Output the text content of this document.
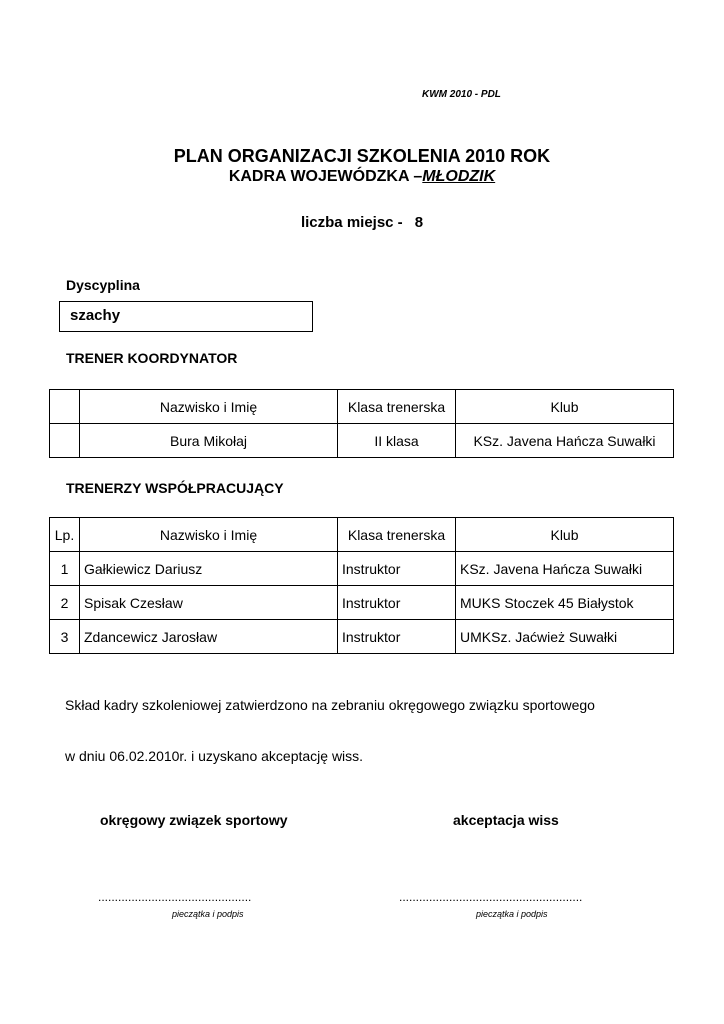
KWM 2010 - PDL
PLAN ORGANIZACJI SZKOLENIA 2010 ROK
KADRA WOJEWÓDZKA –MŁODZIK
liczba miejsc - 8
Dyscyplina
szachy
TRENER KOORDYNATOR
	Nazwisko i Imię	Klasa trenerska	Klub
	Bura Mikołaj	II klasa	KSz. Javena Hańcza Suwałki
TRENERZY WSPÓŁPRACUJĄCY
Lp.	Nazwisko i Imię	Klasa trenerska	Klub
1	Gałkiewicz Dariusz	Instruktor	KSz. Javena Hańcza Suwałki
2	Spisak Czesław	Instruktor	MUKS Stoczek 45 Białystok
3	Zdancewicz Jarosław	Instruktor	UMKSz. Jaćwież Suwałki
Skład kadry szkoleniowej zatwierdzono na zebraniu okręgowego związku sportowego
w dniu 06.02.2010r. i uzyskano akceptację wiss.
okręgowy związek sportowy	akceptacja wiss
..............................................	.......................................................
pieczątka i podpis	pieczątka i podpis
